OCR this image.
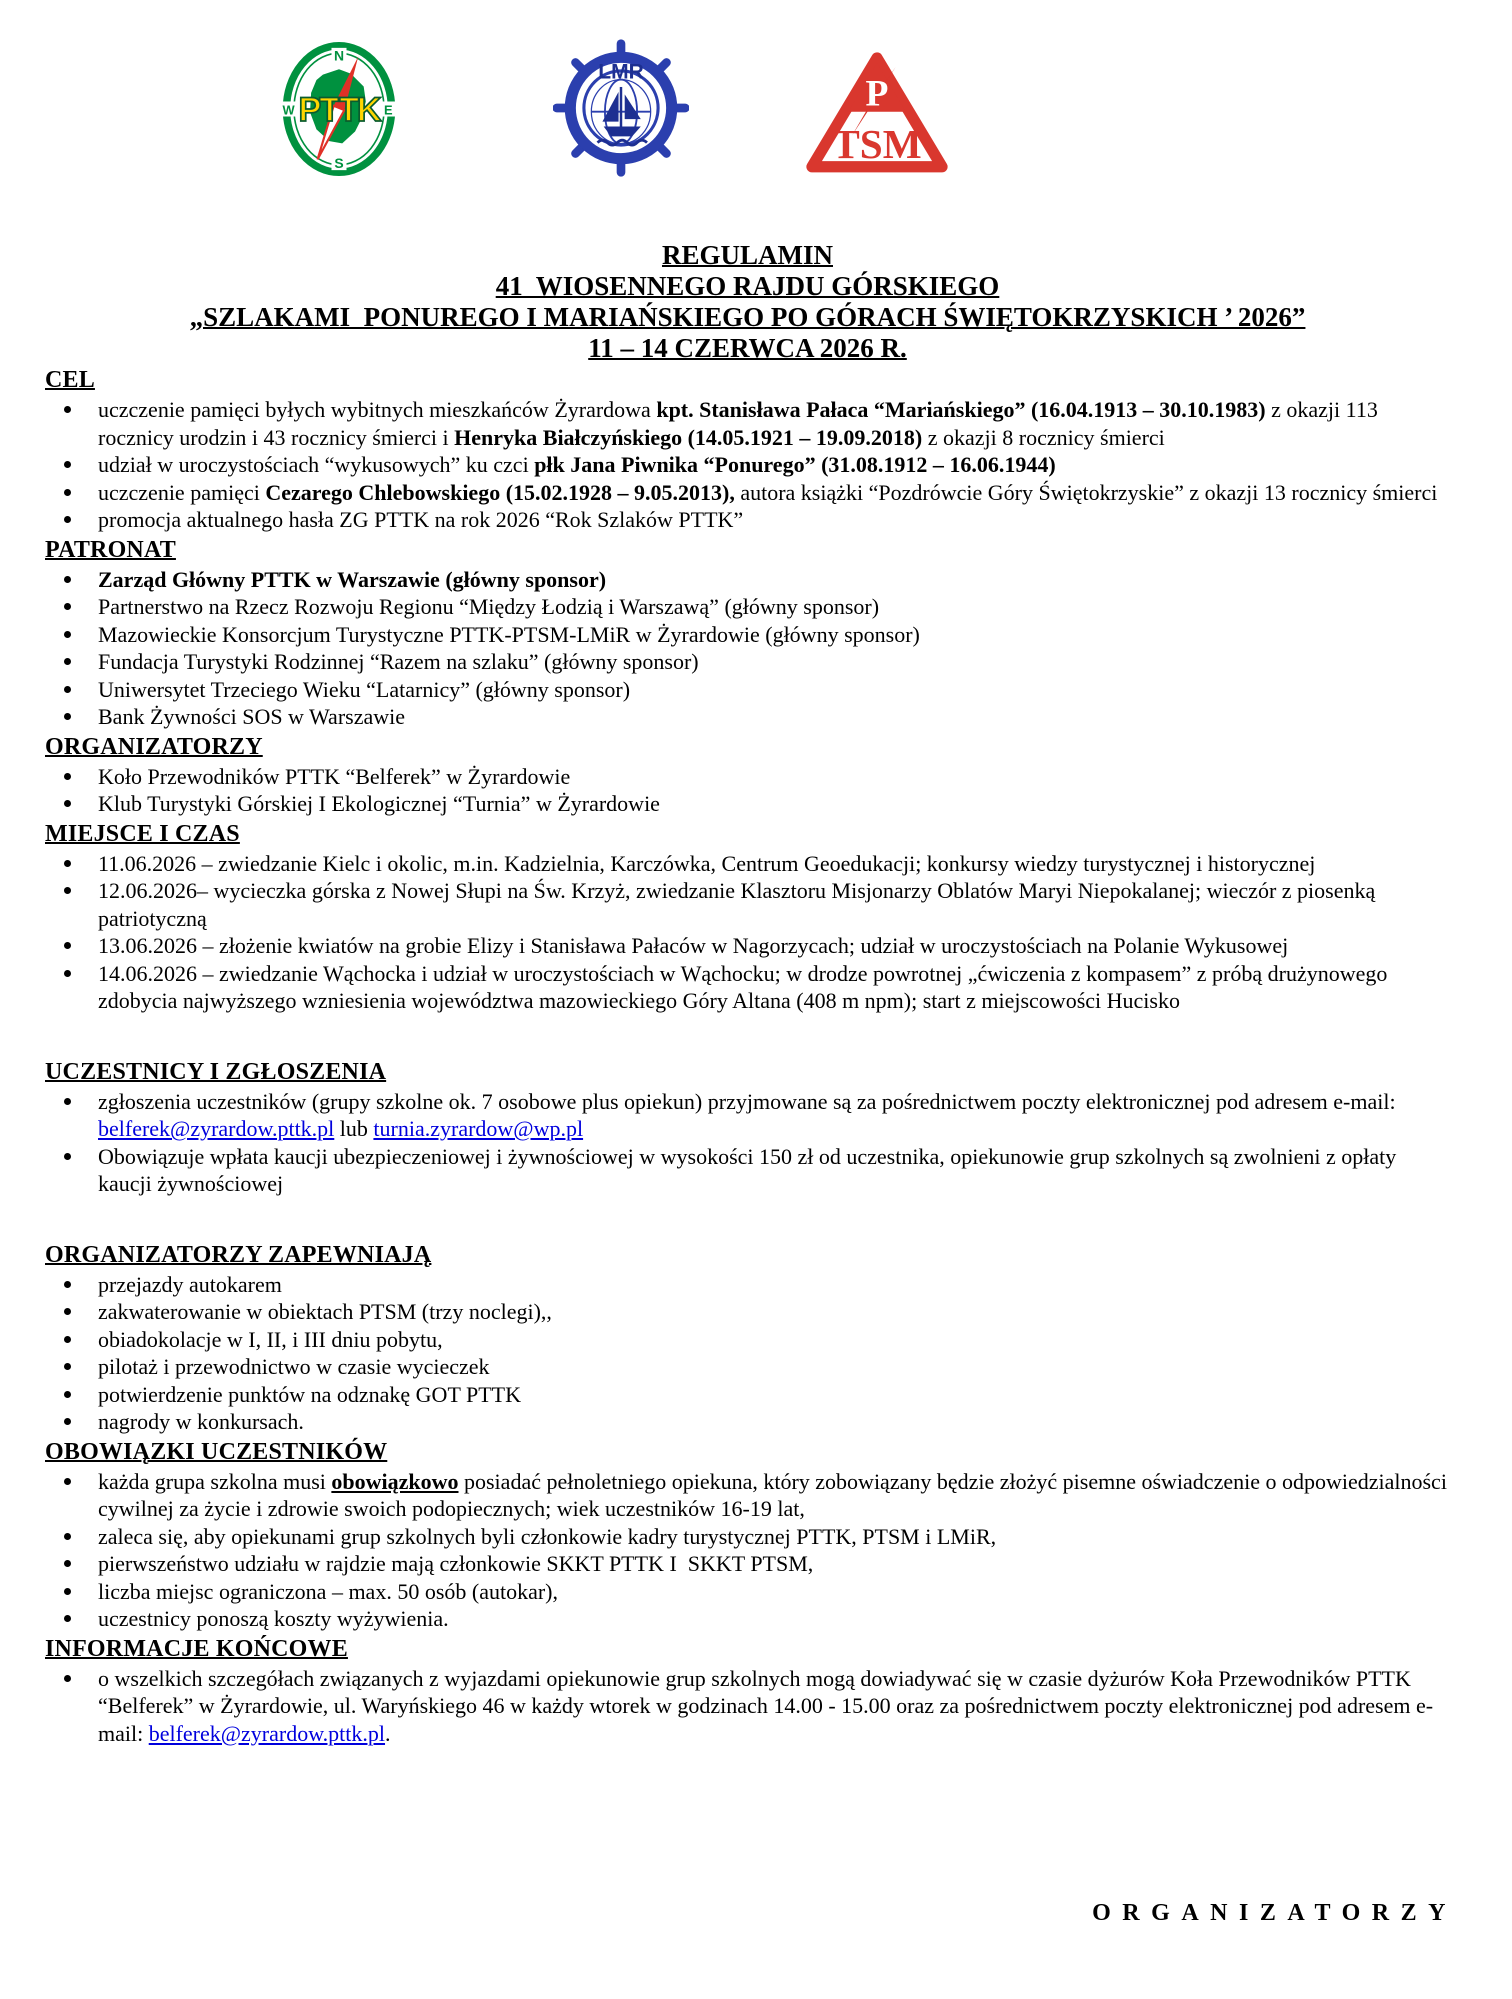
N
S
W	E
PTTK
LMR
P
TSM
REGULAMIN
41  WIOSENNEGO RAJDU GÓRSKIEGO
„SZLAKAMI  PONUREGO I MARIAŃSKIEGO PO GÓRACH ŚWIĘTOKRZYSKICH ’ 2026”
11 – 14 CZERWCA 2026 R.
CEL
uczczenie pamięci byłych wybitnych mieszkańców Żyrardowa kpt. Stanisława Pałaca “Mariańskiego” (16.04.1913 – 30.10.1983) z okazji 113 rocznicy urodzin i 43 rocznicy śmierci i Henryka Białczyńskiego (14.05.1921 – 19.09.2018) z okazji 8 rocznicy śmierci
udział w uroczystościach “wykusowych” ku czci płk Jana Piwnika “Ponurego” (31.08.1912 – 16.06.1944)
uczczenie pamięci Cezarego Chlebowskiego (15.02.1928 – 9.05.2013), autora książki “Pozdrówcie Góry Świętokrzyskie” z okazji 13 rocznicy śmierci
promocja aktualnego hasła ZG PTTK na rok 2026 “Rok Szlaków PTTK”
PATRONAT
Zarząd Główny PTTK w Warszawie (główny sponsor)
Partnerstwo na Rzecz Rozwoju Regionu “Między Łodzią i Warszawą” (główny sponsor)
Mazowieckie Konsorcjum Turystyczne PTTK-PTSM-LMiR w Żyrardowie (główny sponsor)
Fundacja Turystyki Rodzinnej “Razem na szlaku” (główny sponsor)
Uniwersytet Trzeciego Wieku “Latarnicy” (główny sponsor)
Bank Żywności SOS w Warszawie
ORGANIZATORZY
Koło Przewodników PTTK “Belferek” w Żyrardowie
Klub Turystyki Górskiej I Ekologicznej “Turnia” w Żyrardowie
MIEJSCE I CZAS
11.06.2026 – zwiedzanie Kielc i okolic, m.in. Kadzielnia, Karczówka, Centrum Geoedukacji; konkursy wiedzy turystycznej i historycznej
12.06.2026– wycieczka górska z Nowej Słupi na Św. Krzyż, zwiedzanie Klasztoru Misjonarzy Oblatów Maryi Niepokalanej; wieczór z piosenką patriotyczną
13.06.2026 – złożenie kwiatów na grobie Elizy i Stanisława Pałaców w Nagorzycach; udział w uroczystościach na Polanie Wykusowej
14.06.2026 – zwiedzanie Wąchocka i udział w uroczystościach w Wąchocku; w drodze powrotnej „ćwiczenia z kompasem” z próbą drużynowego zdobycia najwyższego wzniesienia województwa mazowieckiego Góry Altana (408 m npm); start z miejscowości Hucisko
UCZESTNICY I ZGŁOSZENIA
zgłoszenia uczestników (grupy szkolne ok. 7 osobowe plus opiekun) przyjmowane są za pośrednictwem poczty elektronicznej pod adresem e-mail: belferek@zyrardow.pttk.pl lub turnia.zyrardow@wp.pl
Obowiązuje wpłata kaucji ubezpieczeniowej i żywnościowej w wysokości 150 zł od uczestnika, opiekunowie grup szkolnych są zwolnieni z opłaty kaucji żywnościowej
ORGANIZATORZY ZAPEWNIAJĄ
przejazdy autokarem
zakwaterowanie w obiektach PTSM (trzy noclegi),,
obiadokolacje w I, II, i III dniu pobytu,
pilotaż i przewodnictwo w czasie wycieczek
potwierdzenie punktów na odznakę GOT PTTK
nagrody w konkursach.
OBOWIĄZKI UCZESTNIKÓW
każda grupa szkolna musi obowiązkowo posiadać pełnoletniego opiekuna, który zobowiązany będzie złożyć pisemne oświadczenie o odpowiedzialności cywilnej za życie i zdrowie swoich podopiecznych; wiek uczestników 16-19 lat,
zaleca się, aby opiekunami grup szkolnych byli członkowie kadry turystycznej PTTK, PTSM i LMiR,
pierwszeństwo udziału w rajdzie mają członkowie SKKT PTTK I  SKKT PTSM,
liczba miejsc ograniczona – max. 50 osób (autokar),
uczestnicy ponoszą koszty wyżywienia.
INFORMACJE KOŃCOWE
o wszelkich szczegółach związanych z wyjazdami opiekunowie grup szkolnych mogą dowiadywać się w czasie dyżurów Koła Przewodników PTTK “Belferek” w Żyrardowie, ul. Waryńskiego 46 w każdy wtorek w godzinach 14.00 - 15.00 oraz za pośrednictwem poczty elektronicznej pod adresem e-mail: belferek@zyrardow.pttk.pl.
ORGANIZATORZY
